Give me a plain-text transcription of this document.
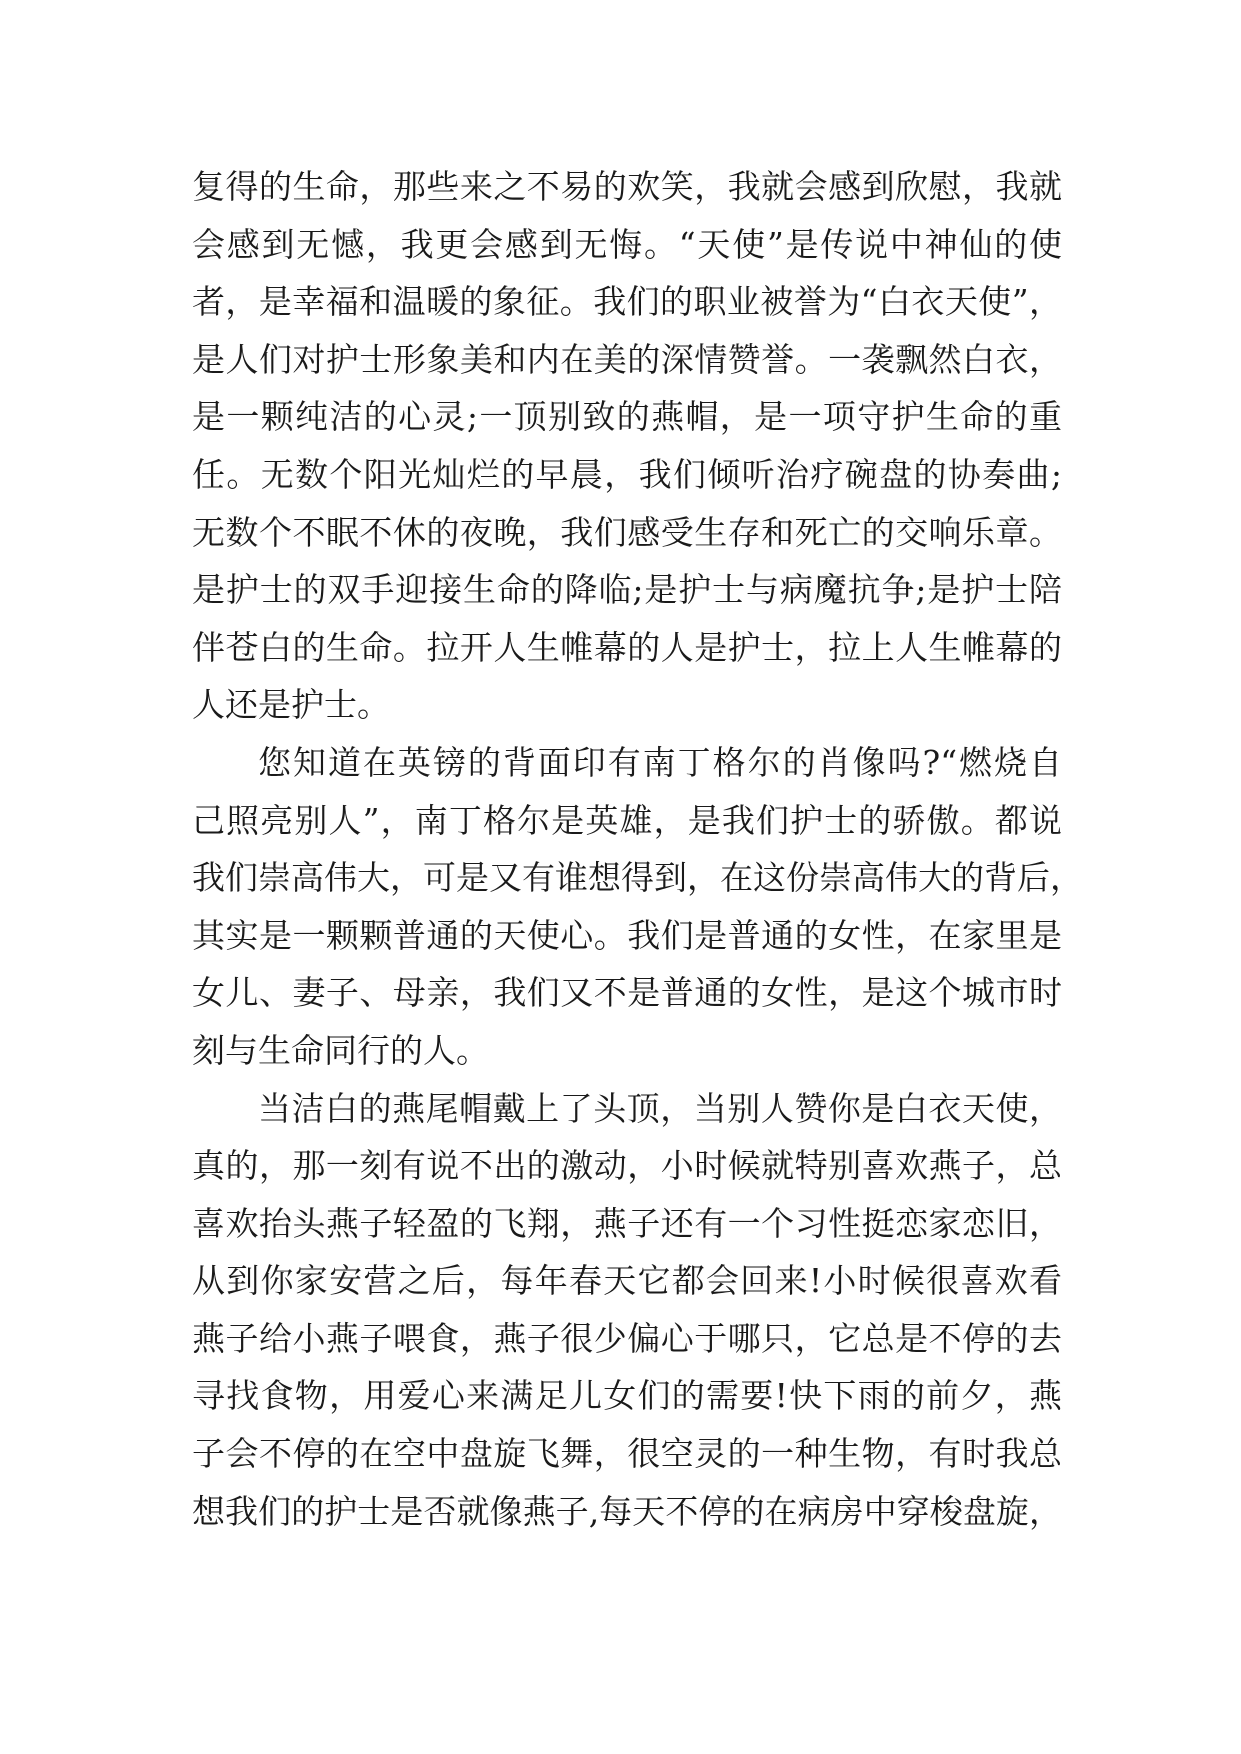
复得的生命，那些来之不易的欢笑，我就会感到欣慰，我就
会感到无憾，我更会感到无悔。“天使”是传说中神仙的使
者，是幸福和温暖的象征。我们的职业被誉为“白衣天使”，
是人们对护士形象美和内在美的深情赞誉。一袭飘然白衣，
是一颗纯洁的心灵;一顶别致的燕帽，是一项守护生命的重
任。无数个阳光灿烂的早晨，我们倾听治疗碗盘的协奏曲;
无数个不眠不休的夜晚，我们感受生存和死亡的交响乐章。
是护士的双手迎接生命的降临;是护士与病魔抗争;是护士陪
伴苍白的生命。拉开人生帷幕的人是护士，拉上人生帷幕的
人还是护士。
您知道在英镑的背面印有南丁格尔的肖像吗?“燃烧自
己照亮别人”，南丁格尔是英雄，是我们护士的骄傲。都说
我们崇高伟大，可是又有谁想得到，在这份崇高伟大的背后，
其实是一颗颗普通的天使心。我们是普通的女性，在家里是
女儿、妻子、母亲，我们又不是普通的女性，是这个城市时
刻与生命同行的人。
当洁白的燕尾帽戴上了头顶，当别人赞你是白衣天使，
真的，那一刻有说不出的激动，小时候就特别喜欢燕子，总
喜欢抬头燕子轻盈的飞翔，燕子还有一个习性挺恋家恋旧，
从到你家安营之后，每年春天它都会回来!小时候很喜欢看
燕子给小燕子喂食，燕子很少偏心于哪只，它总是不停的去
寻找食物，用爱心来满足儿女们的需要!快下雨的前夕，燕
子会不停的在空中盘旋飞舞，很空灵的一种生物，有时我总
想我们的护士是否就像燕子,每天不停的在病房中穿梭盘旋，
